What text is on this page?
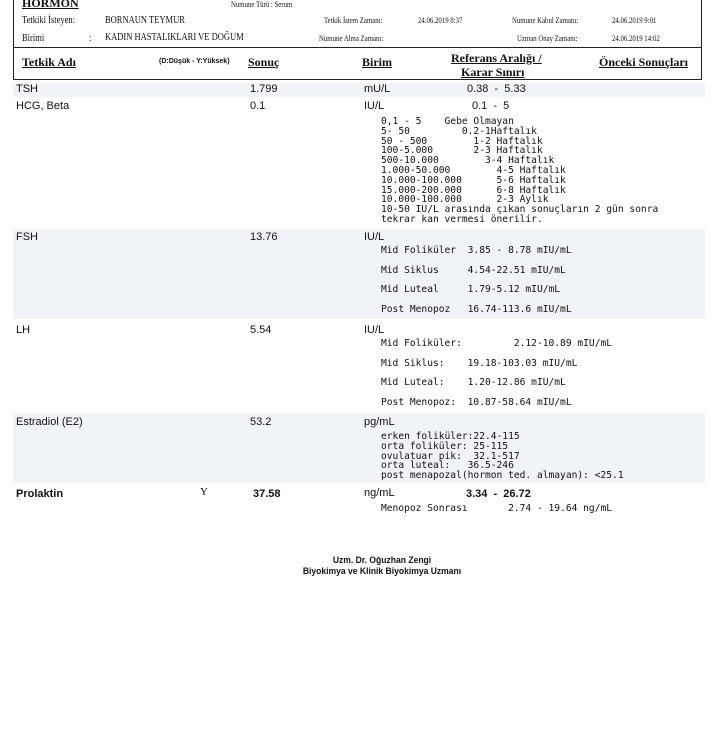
HORMON	Numune Türü : Serum
Tetkiki İsteyen:	BORNAUN TEYMUR	Tetkik İstem Zamanı:	24.06.2019 8:37	Numune Kabul Zamanı:	24.06.2019 9:01
Birimi	: KADIN HASTALIKLARI VE DOĞUM	Numune Alma Zamanı:	Uzman Onay Zamanı:	24.06.2019 14:02
Tetkik Adı	(D:Düşük - Y:Yüksek) Sonuç	Birim	Referans Aralığı /
Karar Sınırı
Önceki Sonuçları
TSH	1.799	mU/L	0.38  -  5.33
HCG, Beta	0.1	IU/L	0.1  -  5
0,1 - 5    Gebe Olmayan
5- 50         0.2-1Haftalık
50 - 500        1-2 Haftalık
100-5.000       2-3 Haftalık
500-10.000        3-4 Haftalık
1.000-50.000        4-5 Haftalık
10.000-100.000      5-6 Haftalık
15.000-200.000      6-8 Haftalık
10.000-100.000      2-3 Aylık
10-50 IU/L arasında çıkan sonuçların 2 gün sonra
tekrar kan vermesi önerilir.
FSH	13.76	IU/L
Mid Foliküler  3.85 - 8.78 mIU/mL

Mid Siklus     4.54-22.51 mIU/mL

Mid Luteal     1.79-5.12 mIU/mL

Post Menopoz   16.74-113.6 mIU/mL
LH	5.54	IU/L
Mid Foliküler:         2.12-10.89 mIU/mL

Mid Siklus:    19.18-103.03 mIU/mL

Mid Luteal:    1.20-12.86 mIU/mL

Post Menopoz:  10.87-58.64 mIU/mL
Estradiol (E2)	53.2	pg/mL
erken foliküler:22.4-115
orta foliküler: 25-115
ovulatuar pik:  32.1-517
orta luteal:   36.5-246
post menapozal(hormon ted. almayan): <25.1
Prolaktin	Y	37.58	ng/mL	3.34  -  26.72
Menopoz Sonrası       2.74 - 19.64 ng/mL
Uzm. Dr. Oğuzhan Zengi
Biyokimya ve Klinik Biyokimya Uzmanı
